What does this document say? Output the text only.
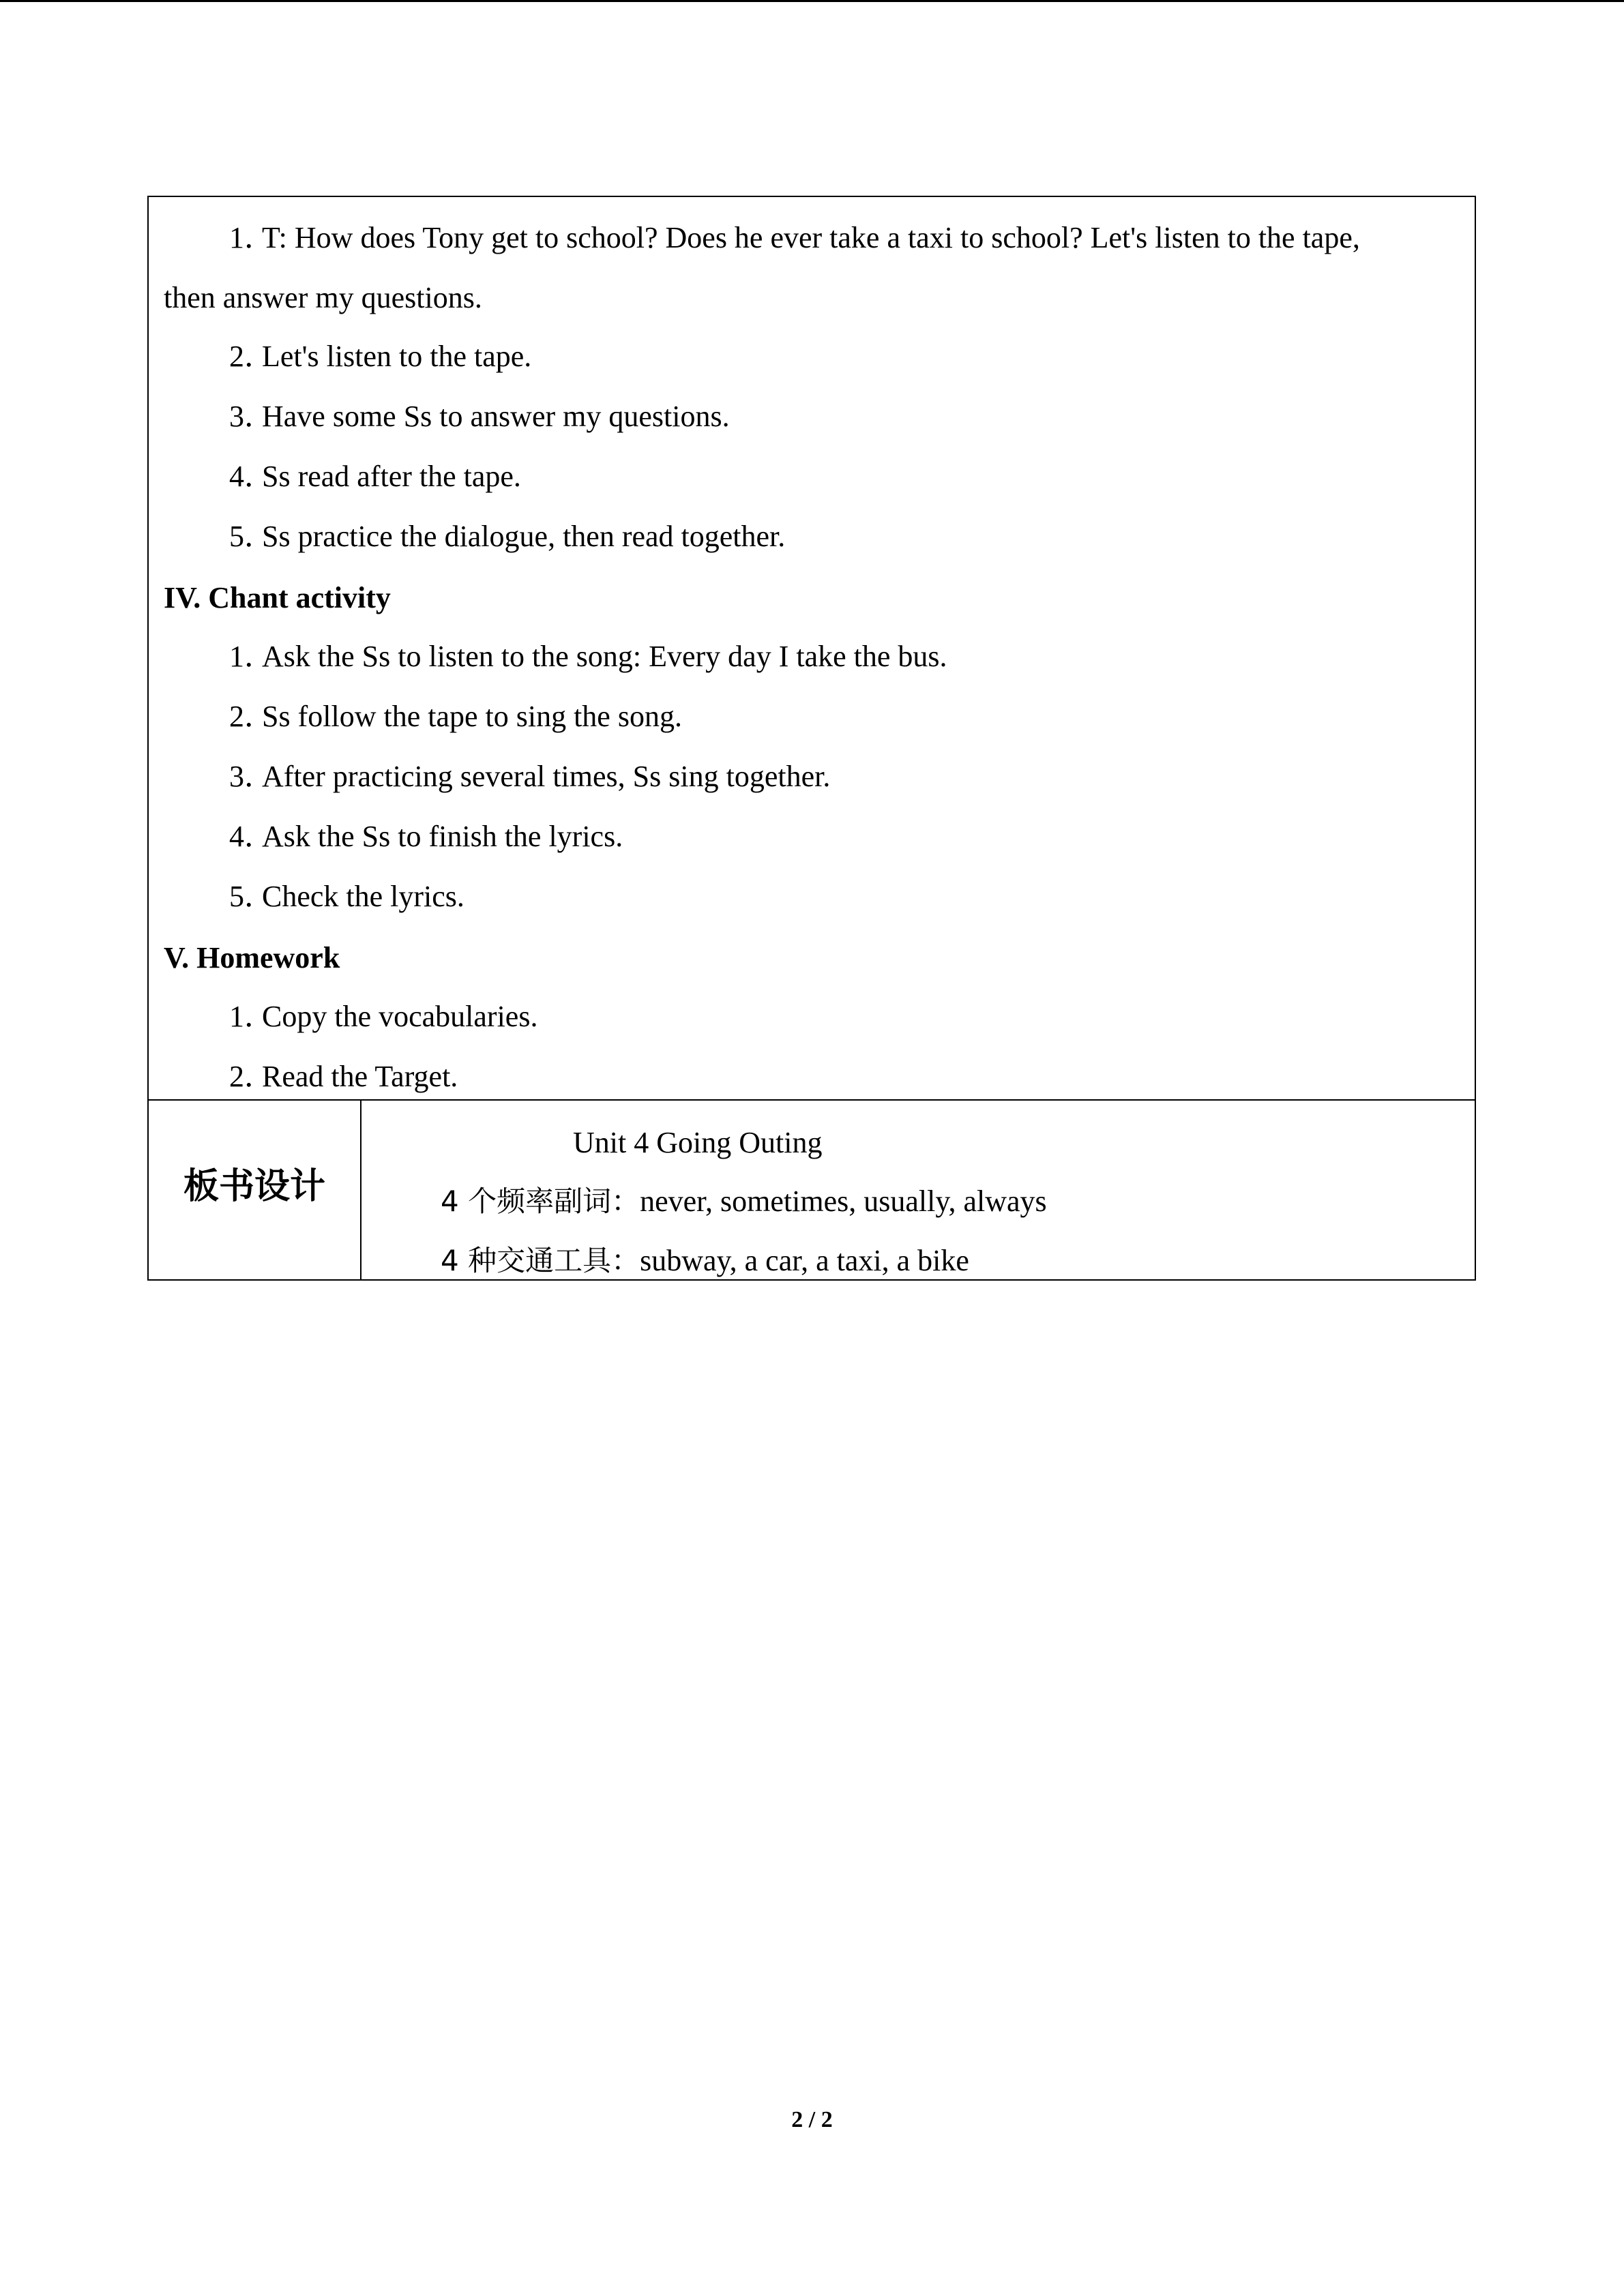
1．T: How does Tony get to school? Does he ever take a taxi to school? Let's listen to the tape,
then answer my questions.
2．Let's listen to the tape.
3．Have some Ss to answer my questions.
4．Ss read after the tape.
5．Ss practice the dialogue, then read together.
IV. Chant activity
1．Ask the Ss to listen to the song: Every day I take the bus.
2．Ss follow the tape to sing the song.
3．After practicing several times, Ss sing together.
4．Ask the Ss to finish the lyrics.
5．Check the lyrics.
V. Homework
1．Copy the vocabularies.
2．Read the Target.
板书设计
Unit 4 Going Outing
4 个频率副词：never, sometimes, usually, always
4 种交通工具：subway, a car, a taxi, a bike
2 / 2
